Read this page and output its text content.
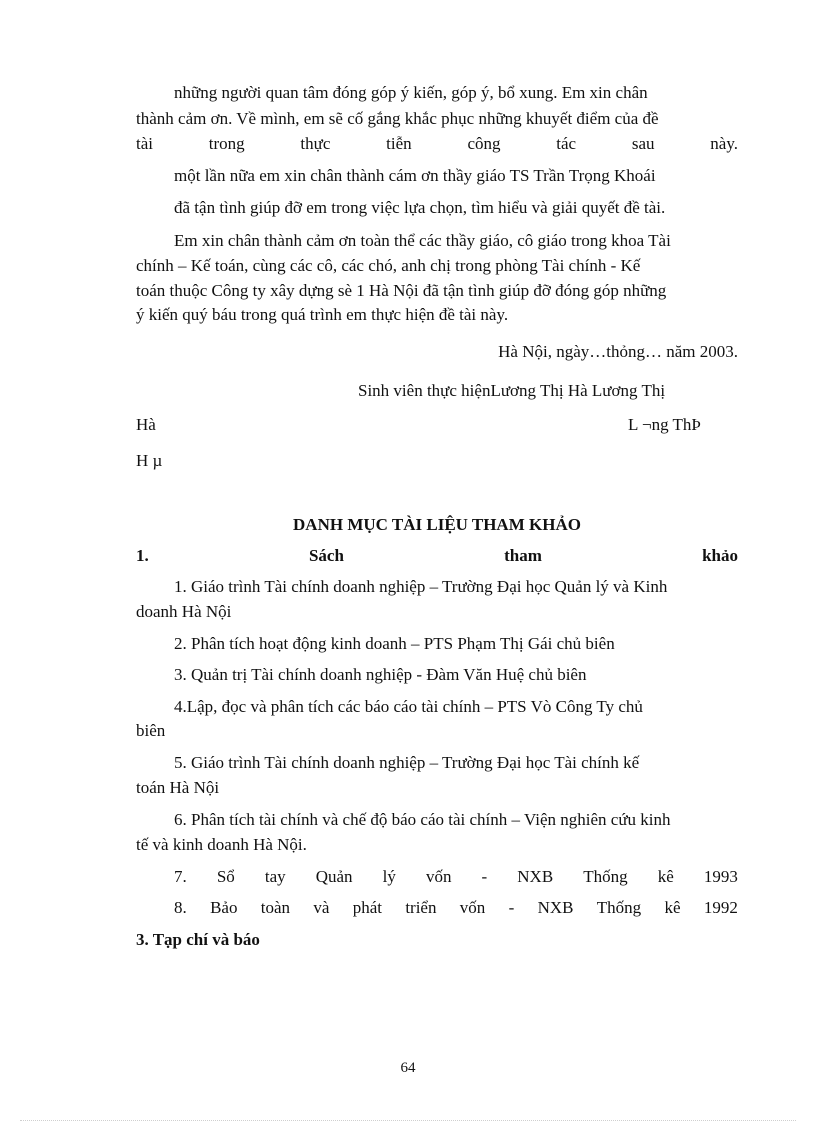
những người quan tâm đóng góp ý kiến, góp ý, bổ xung. Em xin chân
thành cảm ơn. Về mình, em sẽ cố gắng khắc phục những khuyết điểm của đề
tài	trong	thực	tiễn	công	tác	sau	này.
một lần nữa em xin chân thành cám ơn thầy giáo TS Trần Trọng Khoái
đã tận tình giúp đỡ em trong việc lựa chọn, tìm hiểu và giải quyết đề tài.
Em xin chân thành cảm ơn toàn thể các thầy giáo, cô giáo trong khoa Tài
chính – Kế toán, cùng các cô, các chó, anh chị trong phòng Tài chính - Kế
toán thuộc Công ty xây dựng sè 1 Hà Nội đã tận tình giúp đỡ đóng góp những
ý kiến quý báu trong quá trình em thực hiện đề tài này.
Hà Nội, ngày…thỏng… năm 2003.
Sinh viên thực hiệnLương Thị Hà Lương Thị
Hà	L ¬ng ThÞ
H µ
DANH MỤC TÀI LIỆU THAM KHẢO
1.	Sách	tham	khảo
1. Giáo trình Tài chính doanh nghiệp – Trường Đại học Quản lý và Kinh
doanh Hà Nội
2. Phân tích hoạt động kinh doanh – PTS Phạm Thị Gái chủ biên
3. Quản trị Tài chính doanh nghiệp - Đàm Văn Huệ chủ biên
4.Lập, đọc và phân tích các báo cáo tài chính – PTS Vò Công Ty chủ
biên
5. Giáo trình Tài chính doanh nghiệp – Trường Đại học Tài chính kế
toán Hà Nội
6. Phân tích tài chính và chế độ báo cáo tài chính – Viện nghiên cứu kinh
tế và kinh doanh Hà Nội.
7. Sổ tay Quản lý vốn - NXB Thống kê 1993
8. Bảo toàn và phát triển vốn - NXB Thống kê 1992
3. Tạp chí và báo
64
